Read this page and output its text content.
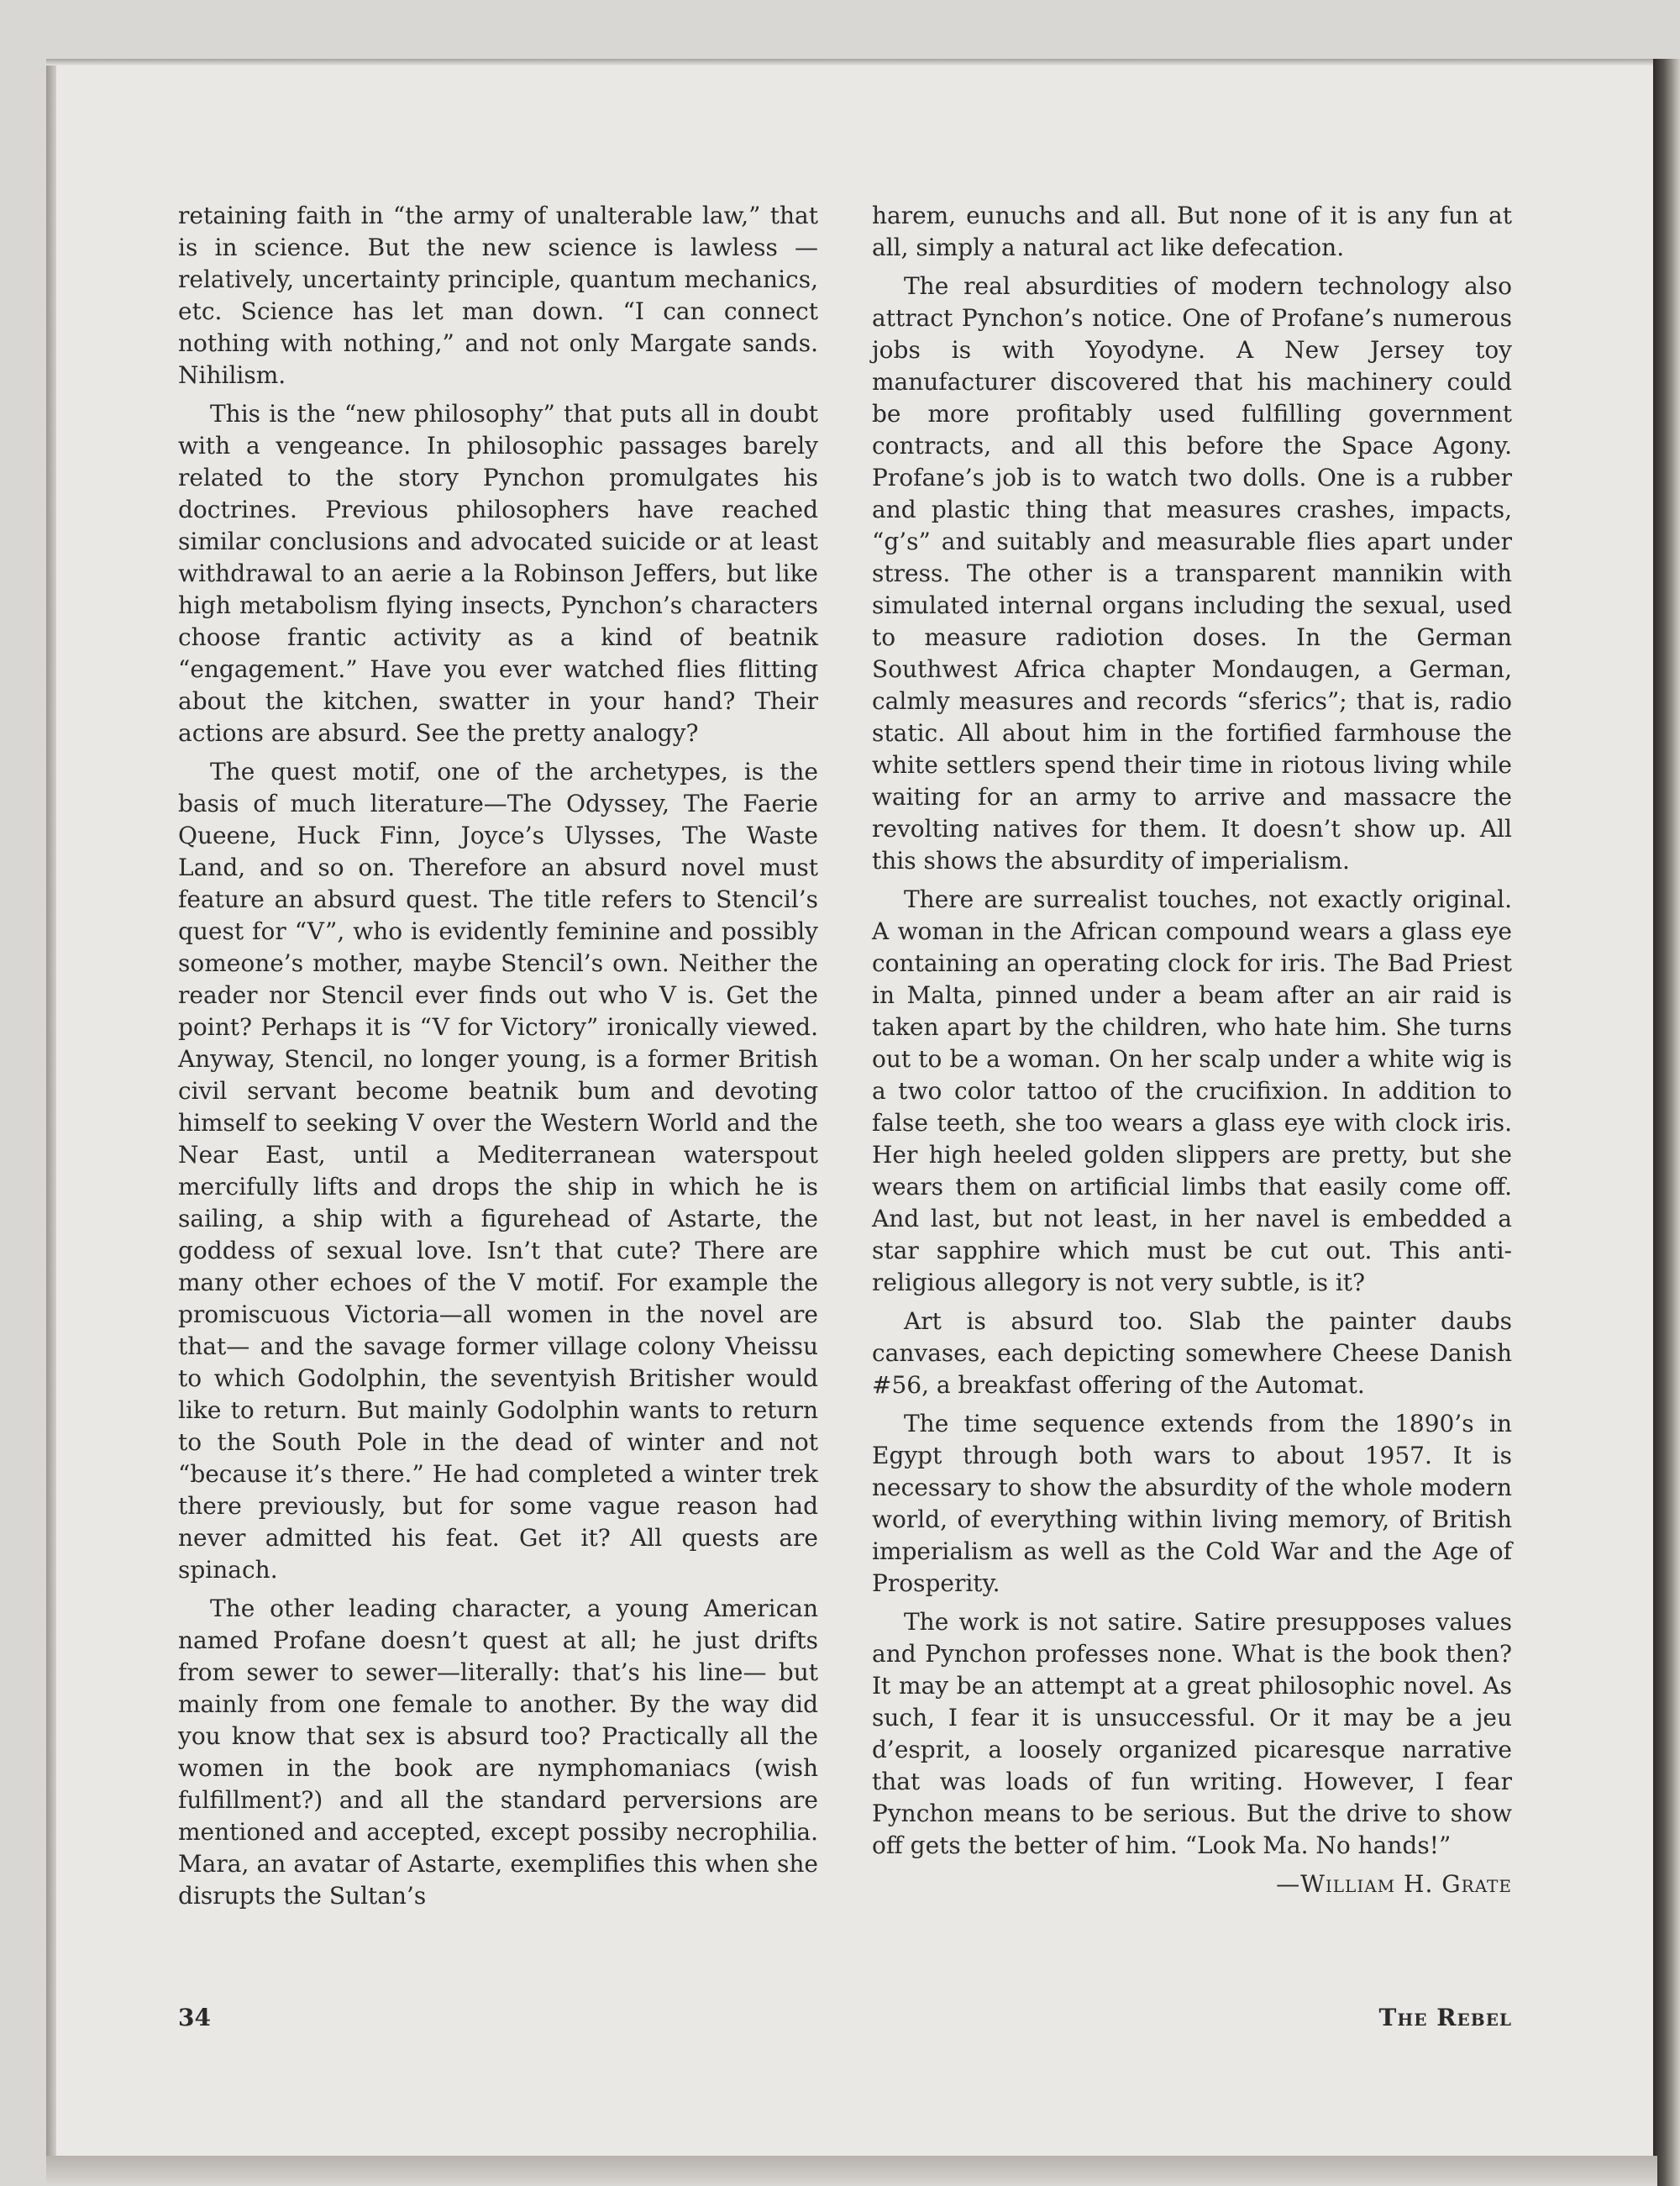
retaining faith in “the army of unalterable law,” that is in science. But the new science is lawless —relatively, uncertainty principle, quantum mechanics, etc. Science has let man down. “I can connect nothing with nothing,” and not only Margate sands. Nihilism.

This is the “new philosophy” that puts all in doubt with a vengeance. In philosophic passages barely related to the story Pynchon promulgates his doctrines. Previous philosophers have reached similar conclusions and advocated suicide or at least withdrawal to an aerie a la Robinson Jeffers, but like high metabolism flying insects, Pynchon’s characters choose frantic activity as a kind of beatnik “engagement.” Have you ever watched flies flitting about the kitchen, swatter in your hand? Their actions are absurd. See the pretty analogy?

The quest motif, one of the archetypes, is the basis of much literature—The Odyssey, The Faerie Queene, Huck Finn, Joyce’s Ulysses, The Waste Land, and so on. Therefore an absurd novel must feature an absurd quest. The title refers to Stencil’s quest for “V”, who is evidently feminine and possibly someone’s mother, maybe Stencil’s own. Neither the reader nor Stencil ever finds out who V is. Get the point? Perhaps it is “V for Victory” ironically viewed. Anyway, Stencil, no longer young, is a former British civil servant become beatnik bum and devoting himself to seeking V over the Western World and the Near East, until a Mediterranean waterspout mercifully lifts and drops the ship in which he is sailing, a ship with a figurehead of Astarte, the goddess of sexual love. Isn’t that cute? There are many other echoes of the V motif. For example the promiscuous Victoria—all women in the novel are that— and the savage former village colony Vheissu to which Godolphin, the seventyish Britisher would like to return. But mainly Godolphin wants to return to the South Pole in the dead of winter and not “because it’s there.” He had completed a winter trek there previously, but for some vague reason had never admitted his feat. Get it? All quests are spinach.

The other leading character, a young American named Profane doesn’t quest at all; he just drifts from sewer to sewer—literally: that’s his line— but mainly from one female to another. By the way did you know that sex is absurd too? Practically all the women in the book are nymphomaniacs (wish fulfillment?) and all the standard perversions are mentioned and accepted, except possiby necrophilia. Mara, an avatar of Astarte, exemplifies this when she disrupts the Sultan’s

harem, eunuchs and all. But none of it is any fun at all, simply a natural act like defecation.

The real absurdities of modern technology also attract Pynchon’s notice. One of Profane’s numerous jobs is with Yoyodyne. A New Jersey toy manufacturer discovered that his machinery could be more profitably used fulfilling government contracts, and all this before the Space Agony. Profane’s job is to watch two dolls. One is a rubber and plastic thing that measures crashes, impacts, “g’s” and suitably and measurable flies apart under stress. The other is a transparent mannikin with simulated internal organs including the sexual, used to measure radiotion doses. In the German Southwest Africa chapter Mondaugen, a German, calmly measures and records “sferics”; that is, radio static. All about him in the fortified farmhouse the white settlers spend their time in riotous living while waiting for an army to arrive and massacre the revolting natives for them. It doesn’t show up. All this shows the absurdity of imperialism.

There are surrealist touches, not exactly original. A woman in the African compound wears a glass eye containing an operating clock for iris. The Bad Priest in Malta, pinned under a beam after an air raid is taken apart by the children, who hate him. She turns out to be a woman. On her scalp under a white wig is a two color tattoo of the crucifixion. In addition to false teeth, she too wears a glass eye with clock iris. Her high heeled golden slippers are pretty, but she wears them on artificial limbs that easily come off. And last, but not least, in her navel is embedded a star sapphire which must be cut out. This anti-religious allegory is not very subtle, is it?

Art is absurd too. Slab the painter daubs canvases, each depicting somewhere Cheese Danish #56, a breakfast offering of the Automat.

The time sequence extends from the 1890’s in Egypt through both wars to about 1957. It is necessary to show the absurdity of the whole modern world, of everything within living memory, of British imperialism as well as the Cold War and the Age of Prosperity.

The work is not satire. Satire presupposes values and Pynchon professes none. What is the book then? It may be an attempt at a great philosophic novel. As such, I fear it is unsuccessful. Or it may be a jeu d’esprit, a loosely organized picaresque narrative that was loads of fun writing. However, I fear Pynchon means to be serious. But the drive to show off gets the better of him. “Look Ma. No hands!”

—William H. Grate
34	The Rebel
